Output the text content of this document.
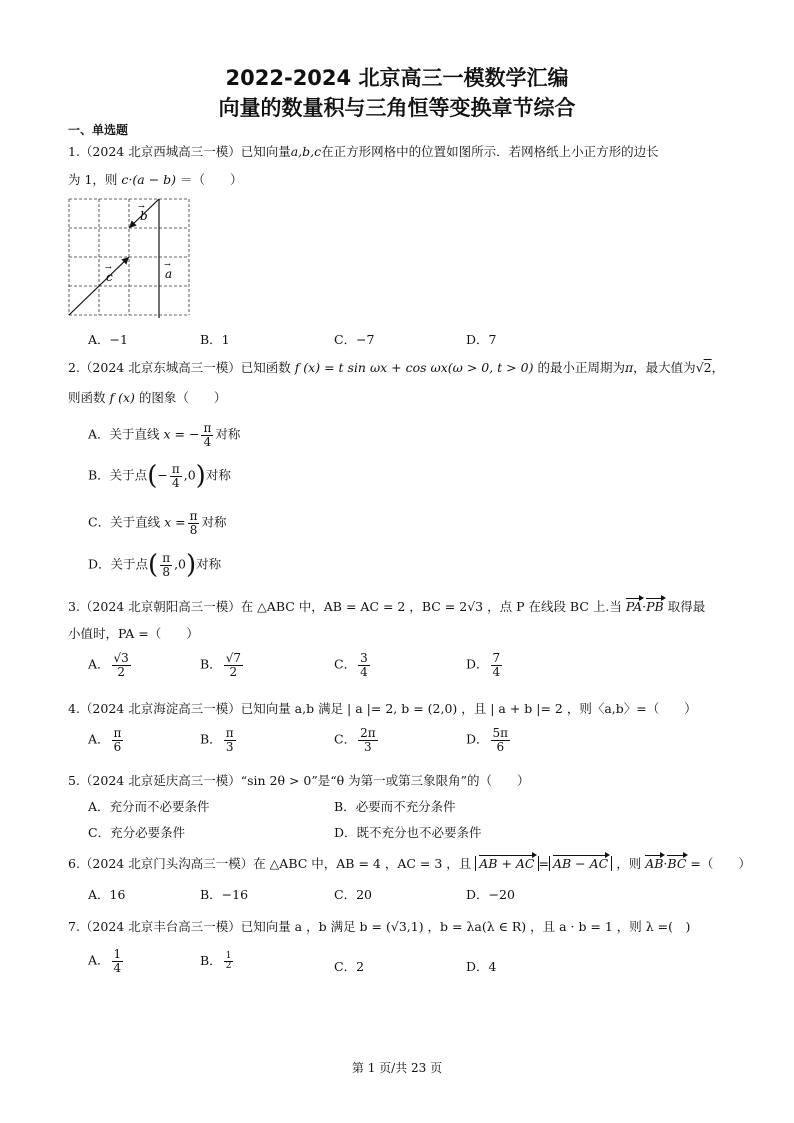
2022-2024 北京高三一模数学汇编
向量的数量积与三角恒等变换章节综合
一、单选题
1.（2024 北京西城高三一模）已知向量a,b,c在正方形网格中的位置如图所示．若网格纸上小正方形的边长
为 1，则 c·(a − b) ＝（　　）
b
→
a
→
c
→
A．−1	B．1	C．−7	D．7
2.（2024 北京东城高三一模）已知函数 f (x) = t sin ωx + cos ωx(ω > 0, t > 0) 的最小正周期为π，最大值为√2，
则函数 f (x) 的图象（　　）
A．关于直线 x = − $\frac{\pi}{4}$ 对称
B．关于点(− $\frac{\pi}{4} ,0$)对称
C．关于直线 $x = \frac{\pi}{8}$ 对称
D．关于点( $\frac{\pi}{8} ,0$)对称
3.（2024 北京朝阳高三一模）在 △ABC 中，AB = AC = 2 ，BC = 2√3 ，点 P 在线段 BC 上.当 PA·PB 取得最
小值时，PA =（　　）
A． $\frac{√3}{2}$	B． $\frac{√7}{2}$	C． $\frac{3}{4}$	D． $\frac{7}{4}$
4.（2024 北京海淀高三一模）已知向量 a,b 满足 | a |= 2, b = (2,0) ，且 | a + b |= 2 ，则〈a,b〉=（　　）
A． $\frac{\pi}{6}$	B． $\frac{\pi}{3}$	C． $\frac{2\pi}{3}$	D． $\frac{5\pi}{6}$
5.（2024 北京延庆高三一模）“sin 2θ > 0”是“θ 为第一或第三象限角”的（　　）
A．充分而不必要条件	B．必要而不充分条件
C．充分必要条件	D．既不充分也不必要条件
6.（2024 北京门头沟高三一模）在 △ABC 中，AB = 4 ，AC = 3 ，且 AB + AC = AB − AC ，则 AB·BC =（　　）
A．16	B．−16	C．20	D．−20
7.（2024 北京丰台高三一模）已知向量 a ，b 满足 b = (√3,1) ，b = λa(λ ∈ R) ，且 a · b = 1 ，则 λ =(　)
A． $\frac{1}{4}$	B． $\frac{1}{2}$	C．2	D．4
第 1 页/共 23 页
